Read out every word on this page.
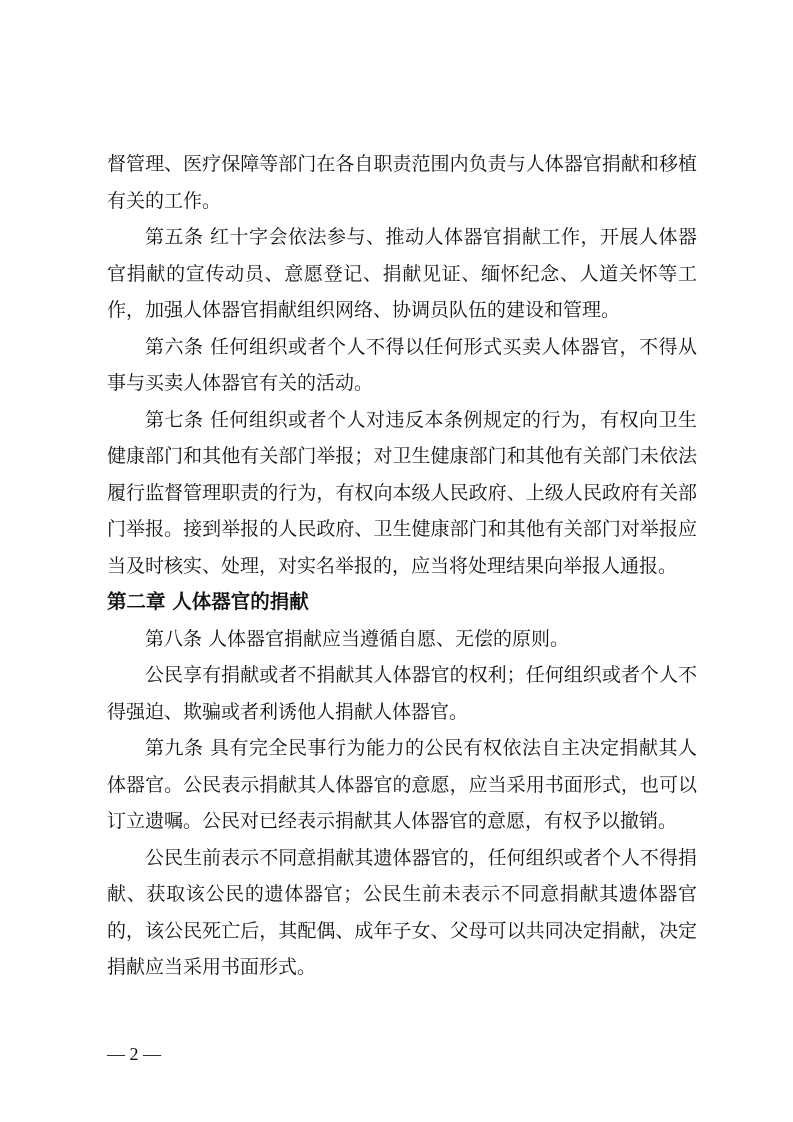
督管理、医疗保障等部门在各自职责范围内负责与人体器官捐献和移植有关的工作。

第五条 红十字会依法参与、推动人体器官捐献工作，开展人体器官捐献的宣传动员、意愿登记、捐献见证、缅怀纪念、人道关怀等工作，加强人体器官捐献组织网络、协调员队伍的建设和管理。

第六条 任何组织或者个人不得以任何形式买卖人体器官，不得从事与买卖人体器官有关的活动。

第七条 任何组织或者个人对违反本条例规定的行为，有权向卫生健康部门和其他有关部门举报；对卫生健康部门和其他有关部门未依法履行监督管理职责的行为，有权向本级人民政府、上级人民政府有关部门举报。接到举报的人民政府、卫生健康部门和其他有关部门对举报应当及时核实、处理，对实名举报的，应当将处理结果向举报人通报。

第二章 人体器官的捐献

第八条 人体器官捐献应当遵循自愿、无偿的原则。

公民享有捐献或者不捐献其人体器官的权利；任何组织或者个人不得强迫、欺骗或者利诱他人捐献人体器官。

第九条 具有完全民事行为能力的公民有权依法自主决定捐献其人体器官。公民表示捐献其人体器官的意愿，应当采用书面形式，也可以订立遗嘱。公民对已经表示捐献其人体器官的意愿，有权予以撤销。

公民生前表示不同意捐献其遗体器官的，任何组织或者个人不得捐献、获取该公民的遗体器官；公民生前未表示不同意捐献其遗体器官的，该公民死亡后，其配偶、成年子女、父母可以共同决定捐献，决定捐献应当采用书面形式。

— 2 —
